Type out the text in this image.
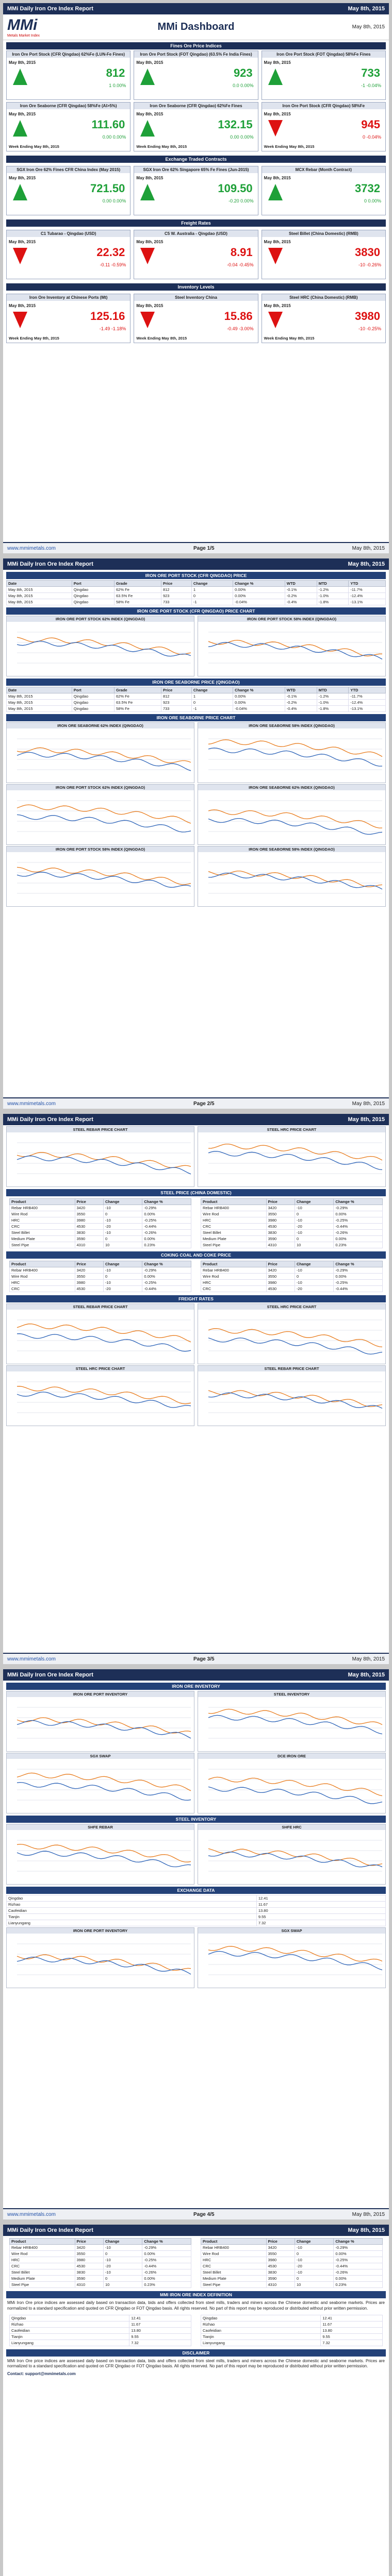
MMi Daily Iron Ore Index Report	May 8th, 2015
MMi
Metals Market Index
MMi Dashboard	May 8th, 2015
Fines Ore Price Indices
Iron Ore Port Stock (CFR Qingdao) 62%Fe (LUN-Fe Fines)
May 8th, 2015
812
1 0.00%
Iron Ore Port Stock (FOT Qingdao) (63.5% Fe India Fines)
May 8th, 2015
923
0.0 0.00%
Iron Ore Port Stock (FOT Qingdao) 58%Fe Fines
May 8th, 2015
733
-1 -0.04%
Iron Ore Seaborne (CFR Qingdao) 58%Fe (Al>5%)
May 8th, 2015
111.60
0.00 0.00%
Week Ending May 8th, 2015
Iron Ore Seaborne (CFR Qingdao) 62%Fe Fines
May 8th, 2015
132.15
0.00 0.00%
Week Ending May 8th, 2015
Iron Ore Port Stock (CFR Qingdao) 58%Fe
May 8th, 2015
945
0 -0.04%
Week Ending May 8th, 2015
Exchange Traded Contracts
SGX Iron Ore 62% Fines CFR China Index (May 2015)
May 8th, 2015
721.50
0.00 0.00%
SGX Iron Ore 62% Singapore 65% Fe Fines (Jun-2015)
May 8th, 2015
109.50
-0.20 0.00%
MCX Rebar (Month Contract)
May 8th, 2015
3732
0 0.00%
Freight Rates
C1 Tubarao - Qingdao (USD)
May 8th, 2015
22.32
-0.11 -0.59%
C5 W. Australia - Qingdao (USD)
May 8th, 2015
8.91
-0.04 -0.45%
Steel Billet (China Domestic) (RMB)
May 8th, 2015
3830
-10 -0.26%
Inventory Levels
Iron Ore Inventory at Chinese Ports (Mt)
May 8th, 2015
125.16
-1.49 -1.18%
Week Ending May 8th, 2015
Steel Inventory China
May 8th, 2015
15.86
-0.49 -3.00%
Week Ending May 8th, 2015
Steel HRC (China Domestic) (RMB)
May 8th, 2015
3980
-10 -0.25%
Week Ending May 8th, 2015
www.mmimetals.com	Page 1/5	May 8th, 2015
MMi Daily Iron Ore Index Report	May 8th, 2015
IRON ORE PORT STOCK (CFR QINGDAO) PRICE
Date	Port	Grade	Price	Change	Change %	WTD	MTD	YTD
May 8th, 2015	Qingdao	62% Fe	812	1	0.00%	-0.1%	-1.2%	-11.7%
May 8th, 2015	Qingdao	63.5% Fe	923	0	0.00%	-0.2%	-1.0%	-12.4%
May 8th, 2015	Qingdao	58% Fe	733	-1	-0.04%	-0.4%	-1.8%	-13.1%
IRON ORE PORT STOCK (CFR QINGDAO) PRICE CHART
IRON ORE PORT STOCK 62% INDEX (QINGDAO)	IRON ORE PORT STOCK 58% INDEX (QINGDAO)
IRON ORE SEABORNE PRICE (QINGDAO)
Date	Port	Grade	Price	Change	Change %	WTD	MTD	YTD
May 8th, 2015	Qingdao	62% Fe	812	1	0.00%	-0.1%	-1.2%	-11.7%
May 8th, 2015	Qingdao	63.5% Fe	923	0	0.00%	-0.2%	-1.0%	-12.4%
May 8th, 2015	Qingdao	58% Fe	733	-1	-0.04%	-0.4%	-1.8%	-13.1%
IRON ORE SEABORNE PRICE CHART
IRON ORE SEABORNE 62% INDEX (QINGDAO)	IRON ORE SEABORNE 58% INDEX (QINGDAO)
IRON ORE PORT STOCK 62% INDEX (QINGDAO)	IRON ORE SEABORNE 62% INDEX (QINGDAO)
IRON ORE PORT STOCK 58% INDEX (QINGDAO)	IRON ORE SEABORNE 58% INDEX (QINGDAO)
www.mmimetals.com	Page 2/5	May 8th, 2015
MMi Daily Iron Ore Index Report	May 8th, 2015
STEEL REBAR PRICE CHART	STEEL HRC PRICE CHART
STEEL PRICE (CHINA DOMESTIC)
Product	Price	Change	Change %
Rebar HRB400	3420	-10	-0.29%
Wire Rod	3550	0	0.00%
HRC	3980	-10	-0.25%
CRC	4530	-20	-0.44%
Steel Billet	3830	-10	-0.26%
Medium Plate	3590	0	0.00%
Steel Pipe	4310	10	0.23%
Product	Price	Change	Change %
Rebar HRB400	3420	-10	-0.29%
Wire Rod	3550	0	0.00%
HRC	3980	-10	-0.25%
CRC	4530	-20	-0.44%
Steel Billet	3830	-10	-0.26%
Medium Plate	3590	0	0.00%
Steel Pipe	4310	10	0.23%
COKING COAL AND COKE PRICE
Product	Price	Change	Change %
Rebar HRB400	3420	-10	-0.29%
Wire Rod	3550	0	0.00%
HRC	3980	-10	-0.25%
CRC	4530	-20	-0.44%
Product	Price	Change	Change %
Rebar HRB400	3420	-10	-0.29%
Wire Rod	3550	0	0.00%
HRC	3980	-10	-0.25%
CRC	4530	-20	-0.44%
FREIGHT RATES
STEEL REBAR PRICE CHART	STEEL HRC PRICE CHART
STEEL HRC PRICE CHART	STEEL REBAR PRICE CHART
www.mmimetals.com	Page 3/5	May 8th, 2015
MMi Daily Iron Ore Index Report	May 8th, 2015
IRON ORE INVENTORY
IRON ORE PORT INVENTORY	STEEL INVENTORY
SGX SWAP	DCE IRON ORE
STEEL INVENTORY
SHFE REBAR	SHFE HRC
EXCHANGE DATA
Qingdao	12.41
Rizhao	11.67
Caofeidian	13.80
Tianjin	9.55
Lianyungang	7.32
IRON ORE PORT INVENTORY	SGX SWAP
www.mmimetals.com	Page 4/5	May 8th, 2015
MMi Daily Iron Ore Index Report	May 8th, 2015
Product	Price	Change	Change %
Rebar HRB400	3420	-10	-0.29%
Wire Rod	3550	0	0.00%
HRC	3980	-10	-0.25%
CRC	4530	-20	-0.44%
Steel Billet	3830	-10	-0.26%
Medium Plate	3590	0	0.00%
Steel Pipe	4310	10	0.23%
Product	Price	Change	Change %
Rebar HRB400	3420	-10	-0.29%
Wire Rod	3550	0	0.00%
HRC	3980	-10	-0.25%
CRC	4530	-20	-0.44%
Steel Billet	3830	-10	-0.26%
Medium Plate	3590	0	0.00%
Steel Pipe	4310	10	0.23%
MMI IRON ORE INDEX DEFINITION
MMi Iron Ore price indices are assessed daily based on transaction data, bids and offers collected from steel mills, traders and miners across the Chinese domestic and seaborne markets. Prices are normalized to a standard specification and quoted on CFR Qingdao or FOT Qingdao basis. All rights reserved. No part of this report may be reproduced or distributed without prior written permission.
Qingdao	12.41
Rizhao	11.67
Caofeidian	13.80
Tianjin	9.55
Lianyungang	7.32
Qingdao	12.41
Rizhao	11.67
Caofeidian	13.80
Tianjin	9.55
Lianyungang	7.32
DISCLAIMER
MMi Iron Ore price indices are assessed daily based on transaction data, bids and offers collected from steel mills, traders and miners across the Chinese domestic and seaborne markets. Prices are normalized to a standard specification and quoted on CFR Qingdao or FOT Qingdao basis. All rights reserved. No part of this report may be reproduced or distributed without prior written permission.
Contact: support@mmimetals.com
